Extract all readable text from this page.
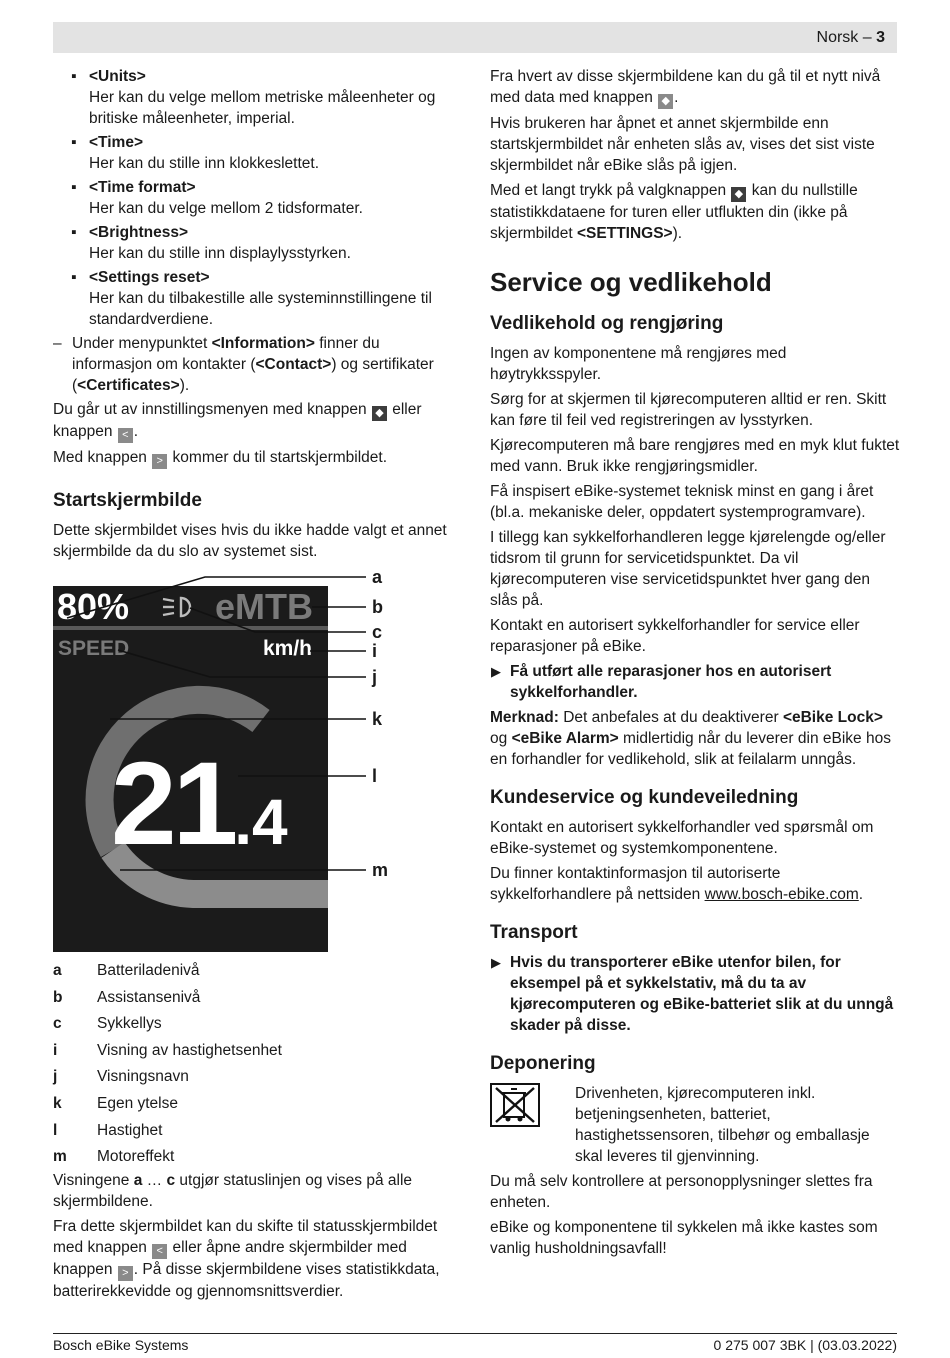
Norsk – 3
▪ <Units>
Her kan du velge mellom metriske måleenheter og britiske måleenheter, imperial.
▪ <Time>
Her kan du stille inn klokkeslettet.
▪ <Time format>
Her kan du velge mellom 2 tidsformater.
▪ <Brightness>
Her kan du stille inn displaylysstyrken.
▪ <Settings reset>
Her kan du tilbakestille alle systeminnstillingene til standardverdiene.
– Under menypunktet <Information> finner du informasjon om kontakter (<Contact>) og sertifikater (<Certificates>).

Du går ut av innstillingsmenyen med knappen ◆ eller knappen < .

Med knappen > kommer du til startskjermbildet.

Startskjermbilde

Dette skjermbildet vises hvis du ikke hadde valgt et annet skjermbilde da du slo av systemet sist.

80% eMTB
SPEED	km/h
21.4
a
b
c
i
j
k
l
m
a	Batteriladenivå
b	Assistansenivå
c	Sykkellys
i	Visning av hastighetsenhet
j	Visningsnavn
k	Egen ytelse
l	Hastighet
m	Motoreffekt

Visningene a … c utgjør statuslinjen og vises på alle skjermbildene.

Fra dette skjermbildet kan du skifte til statusskjermbildet med knappen < eller åpne andre skjermbilder med knappen > . På disse skjermbildene vises statistikkdata, batterirekkevidde og gjennomsnittsverdier.

Fra hvert av disse skjermbildene kan du gå til et nytt nivå med data med knappen ◆ .

Hvis brukeren har åpnet et annet skjermbilde enn startskjermbildet når enheten slås av, vises det sist viste skjermbildet når eBike slås på igjen.

Med et langt trykk på valgknappen ◆ kan du nullstille statistikkdataene for turen eller utflukten din (ikke på skjermbildet <SETTINGS>).

Service og vedlikehold
Vedlikehold og rengjøring

Ingen av komponentene må rengjøres med høytrykksspyler.

Sørg for at skjermen til kjørecomputeren alltid er ren. Skitt kan føre til feil ved registreringen av lysstyrken.

Kjørecomputeren må bare rengjøres med en myk klut fuktet med vann. Bruk ikke rengjøringsmidler.

Få inspisert eBike-systemet teknisk minst en gang i året (bl.a. mekaniske deler, oppdatert systemprogramvare).

I tillegg kan sykkelforhandleren legge kjørelengde og/eller tidsrom til grunn for servicetidspunktet. Da vil kjørecomputeren vise servicetidspunktet hver gang den slås på.

Kontakt en autorisert sykkelforhandler for service eller reparasjoner på eBike.

▶ Få utført alle reparasjoner hos en autorisert sykkelforhandler.

Merknad: Det anbefales at du deaktiverer <eBike Lock> og <eBike Alarm> midlertidig når du leverer din eBike hos en forhandler for vedlikehold, slik at feilalarm unngås.

Kundeservice og kundeveiledning

Kontakt en autorisert sykkelforhandler ved spørsmål om eBike-systemet og systemkomponentene.

Du finner kontaktinformasjon til autoriserte sykkelforhandlere på nettsiden www.bosch-ebike.com.

Transport
▶ Hvis du transporterer eBike utenfor bilen, for eksempel på et sykkelstativ, må du ta av kjørecomputeren og eBike-batteriet slik at du unngå skader på disse.
Deponering
Drivenheten, kjørecomputeren inkl. betjeningsenheten, batteriet, hastighetssensoren, tilbehør og emballasje skal leveres til gjenvinning.

Du må selv kontrollere at personopplysninger slettes fra enheten.

eBike og komponentene til sykkelen må ikke kastes som vanlig husholdningsavfall!

Bosch eBike Systems	0 275 007 3BK | (03.03.2022)
